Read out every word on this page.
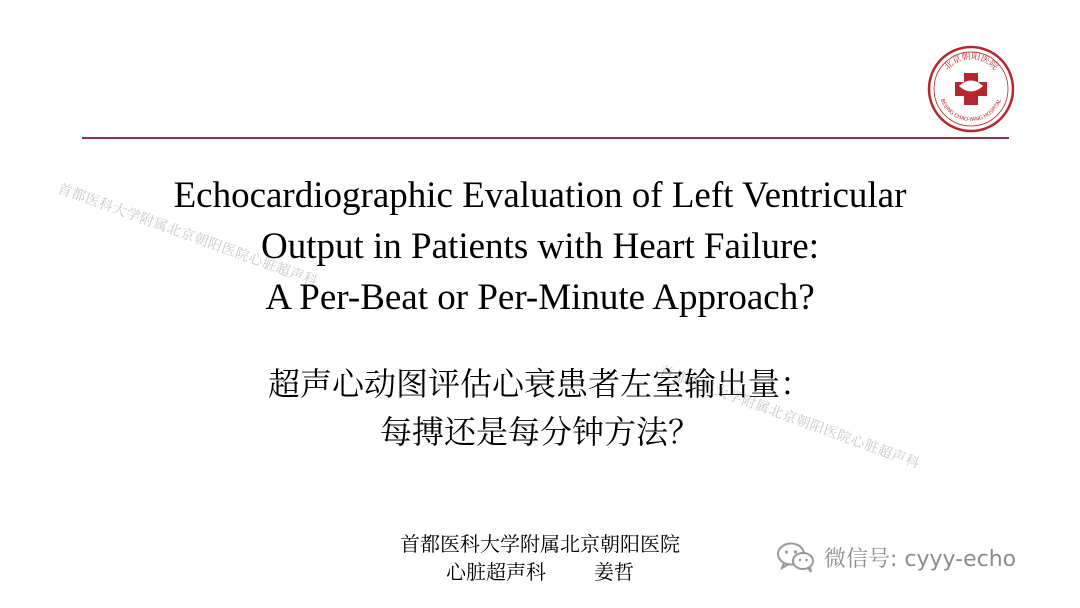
北京朝阳医院
BEIJING CHAO-YANG HOSPITAL
首都医科大学附属北京朝阳医院心脏超声科
首都医科大学附属北京朝阳医院心脏超声科
Echocardiographic Evaluation of Left Ventricular
Output in Patients with Heart Failure:
A Per-Beat or Per-Minute Approach?
超声心动图评估心衰患者左室输出量：
每搏还是每分钟方法？
首都医科大学附属北京朝阳医院
心脏超声科 姜哲
微信号: cyyy-echo
